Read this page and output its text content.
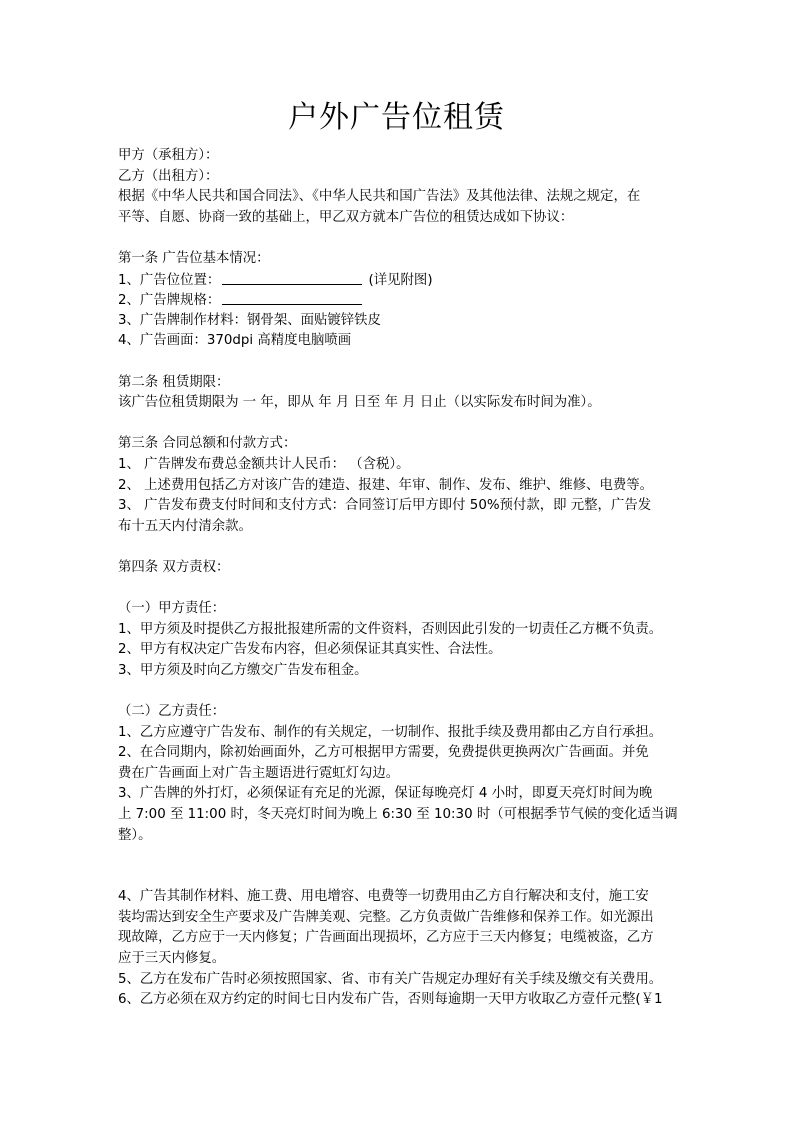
户外广告位租赁
甲方（承租方）：
乙方（出租方）：
根据《中华人民共和国合同法》、《中华人民共和国广告法》及其他法律、法规之规定，在
平等、自愿、协商一致的基础上，甲乙双方就本广告位的租赁达成如下协议：
第一条 广告位基本情况：
1、广告位位置：	(详见附图)
2、广告牌规格：
3、广告牌制作材料：钢骨架、面贴镀锌铁皮
4、广告画面：370dpi 高精度电脑喷画
第二条 租赁期限：
该广告位租赁期限为 一 年，即从 年 月 日至 年 月 日止（以实际发布时间为准）。
第三条 合同总额和付款方式：
1、 广告牌发布费总金额共计人民币： （含税）。
2、 上述费用包括乙方对该广告的建造、报建、年审、制作、发布、维护、维修、电费等。
3、 广告发布费支付时间和支付方式：合同签订后甲方即付 50%预付款，即 元整，广告发
布十五天内付清余款。
第四条 双方责权：
（一）甲方责任：
1、甲方须及时提供乙方报批报建所需的文件资料，否则因此引发的一切责任乙方概不负责。
2、甲方有权决定广告发布内容，但必须保证其真实性、合法性。
3、甲方须及时向乙方缴交广告发布租金。
（二）乙方责任：
1、乙方应遵守广告发布、制作的有关规定，一切制作、报批手续及费用都由乙方自行承担。
2、在合同期内，除初始画面外，乙方可根据甲方需要，免费提供更换两次广告画面。并免
费在广告画面上对广告主题语进行霓虹灯勾边。
3、广告牌的外打灯，必须保证有充足的光源，保证每晚亮灯 4 小时，即夏天亮灯时间为晚
上 7:00 至 11:00 时，冬天亮灯时间为晚上 6:30 至 10:30 时（可根据季节气候的变化适当调
整）。
4、广告其制作材料、施工费、用电增容、电费等一切费用由乙方自行解决和支付，施工安
装均需达到安全生产要求及广告牌美观、完整。乙方负责做广告维修和保养工作。如光源出
现故障，乙方应于一天内修复；广告画面出现损坏，乙方应于三天内修复；电缆被盗，乙方
应于三天内修复。
5、乙方在发布广告时必须按照国家、省、市有关广告规定办理好有关手续及缴交有关费用。
6、乙方必须在双方约定的时间七日内发布广告，否则每逾期一天甲方收取乙方壹仟元整(￥1
